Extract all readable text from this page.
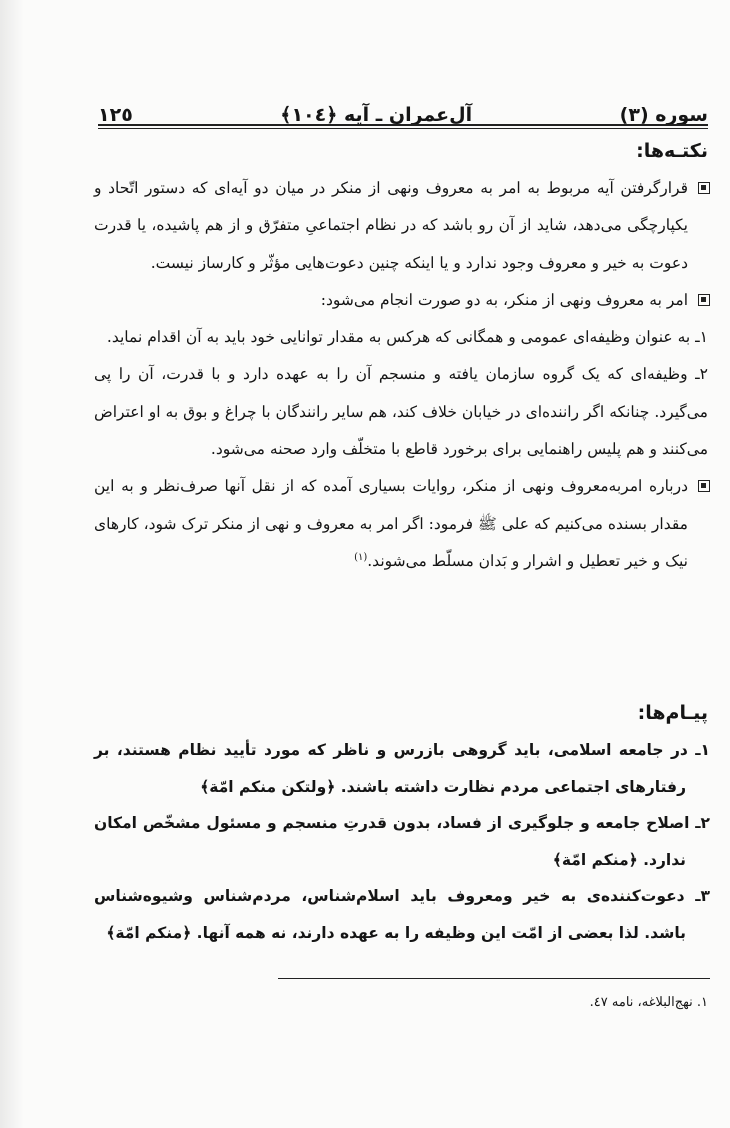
سوره (٣)
آل‌عمران ـ آیه ﴿١٠٤﴾
١٢٥
نکتـه‌ها:

قرارگرفتن آیه مربوط به امر به معروف ونهی از منکر در میان دو آیه‌ای که دستور اتّحاد و یکپارچگی می‌دهد، شاید از آن رو باشد که در نظام اجتماعیِ متفرّق و از هم پاشیده، یا قدرت دعوت به خیر و معروف وجود ندارد و یا اینکه چنین دعوت‌هایی مؤثّر و کارساز نیست.

امر به معروف ونهی از منکر، به دو صورت انجام می‌شود:

۱ـ به عنوان وظیفه‌ای عمومی و همگانی که هرکس به مقدار توانایی خود باید به آن اقدام نماید.

۲ـ وظیفه‌ای که یک گروه سازمان یافته و منسجم آن را به عهده دارد و با قدرت، آن را پی می‌گیرد. چنانکه اگر راننده‌ای در خیابان خلاف کند، هم سایر رانندگان با چراغ و بوق به او اعتراض می‌کنند و هم پلیس راهنمایی برای برخورد قاطع با متخلّف وارد صحنه می‌شود.

درباره امربه‌معروف ونهی از منکر، روایات بسیاری آمده که از نقل آنها صرف‌نظر و به این مقدار بسنده می‌کنیم که علی ﷺ فرمود: اگر امر به معروف و نهی از منکر ترک شود، کارهای نیک و خیر تعطیل و اشرار و بَدان مسلّط می‌شوند.$^{(۱)}$

پیـام‌ها:

۱ـ در جامعه اسلامی، باید گروهی بازرس و ناظر که مورد تأیید نظام هستند، بر رفتارهای اجتماعی مردم نظارت داشته باشند. ﴿ولتکن منکم امّة﴾

۲ـ اصلاح جامعه و جلوگیری از فساد، بدون قدرتِ منسجم و مسئول مشخّص امکان ندارد. ﴿منکم امّة﴾

۳ـ دعوت‌کننده‌ی به خیر ومعروف باید اسلام‌شناس، مردم‌شناس وشیوه‌شناس باشد. لذا بعضی از امّت این وظیفه را به عهده دارند، نه همه آنها. ﴿منکم امّة﴾

۱. نهج‌البلاغه، نامه ٤٧.
